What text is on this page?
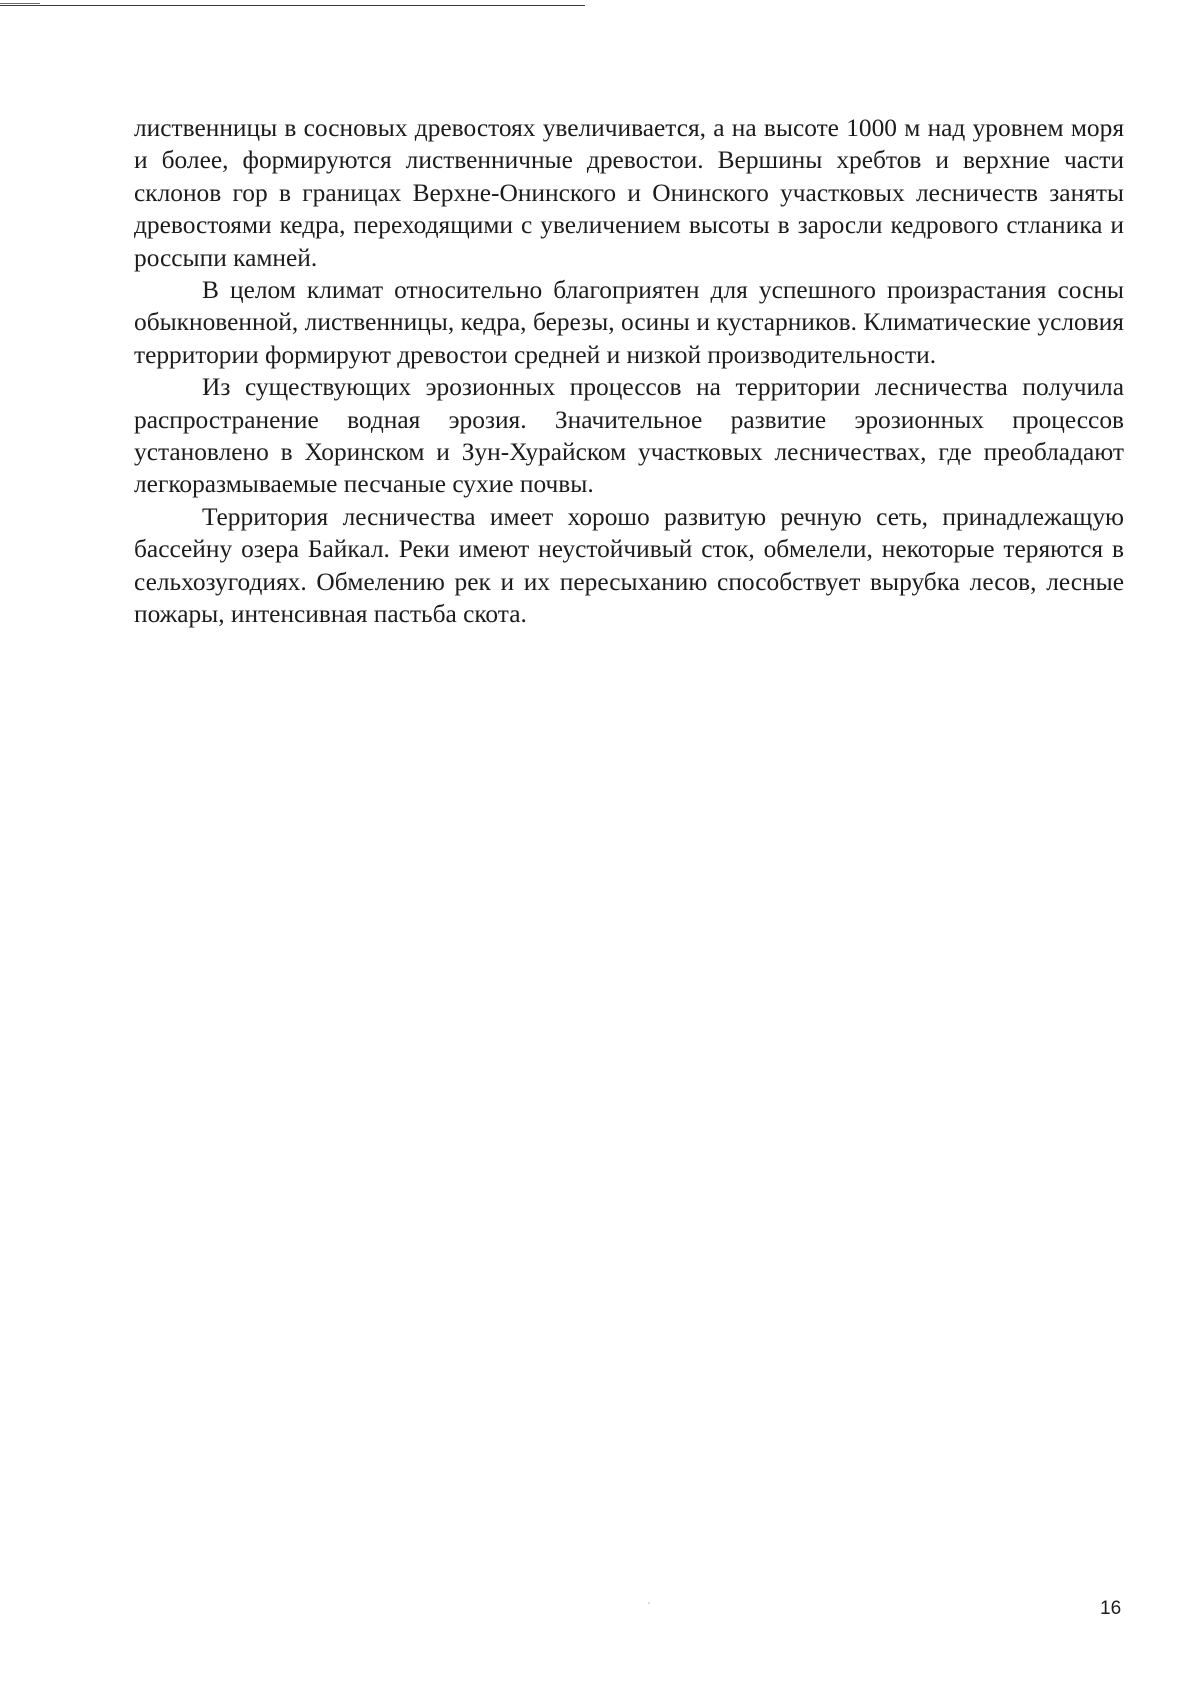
лиственницы в сосновых древостоях увеличивается, а на высоте 1000 м над уровнем моря и более, формируются лиственничные древостои. Вершины хребтов и верхние части склонов гор в границах Верхне-Онинского и Онинского участковых лесничеств заняты древостоями кедра, переходящими с увеличением высоты в заросли кедрового стланика и россыпи камней.

В целом климат относительно благоприятен для успешного произрастания сосны обыкновенной, лиственницы, кедра, березы, осины и кустарников. Климатические условия территории формируют древостои средней и низкой производительности.

Из существующих эрозионных процессов на территории лесничества получила распространение водная эрозия. Значительное развитие эрозионных процессов установлено в Хоринском и Зун-Хурайском участковых лесничествах, где преобладают легкоразмываемые песчаные сухие почвы.

Территория лесничества имеет хорошо развитую речную сеть, принадлежащую бассейну озера Байкал. Реки имеют неустойчивый сток, обмелели, некоторые теряются в сельхозугодиях. Обмелению рек и их пересыханию способствует вырубка лесов, лесные пожары, интенсивная пастьба скота.

16
